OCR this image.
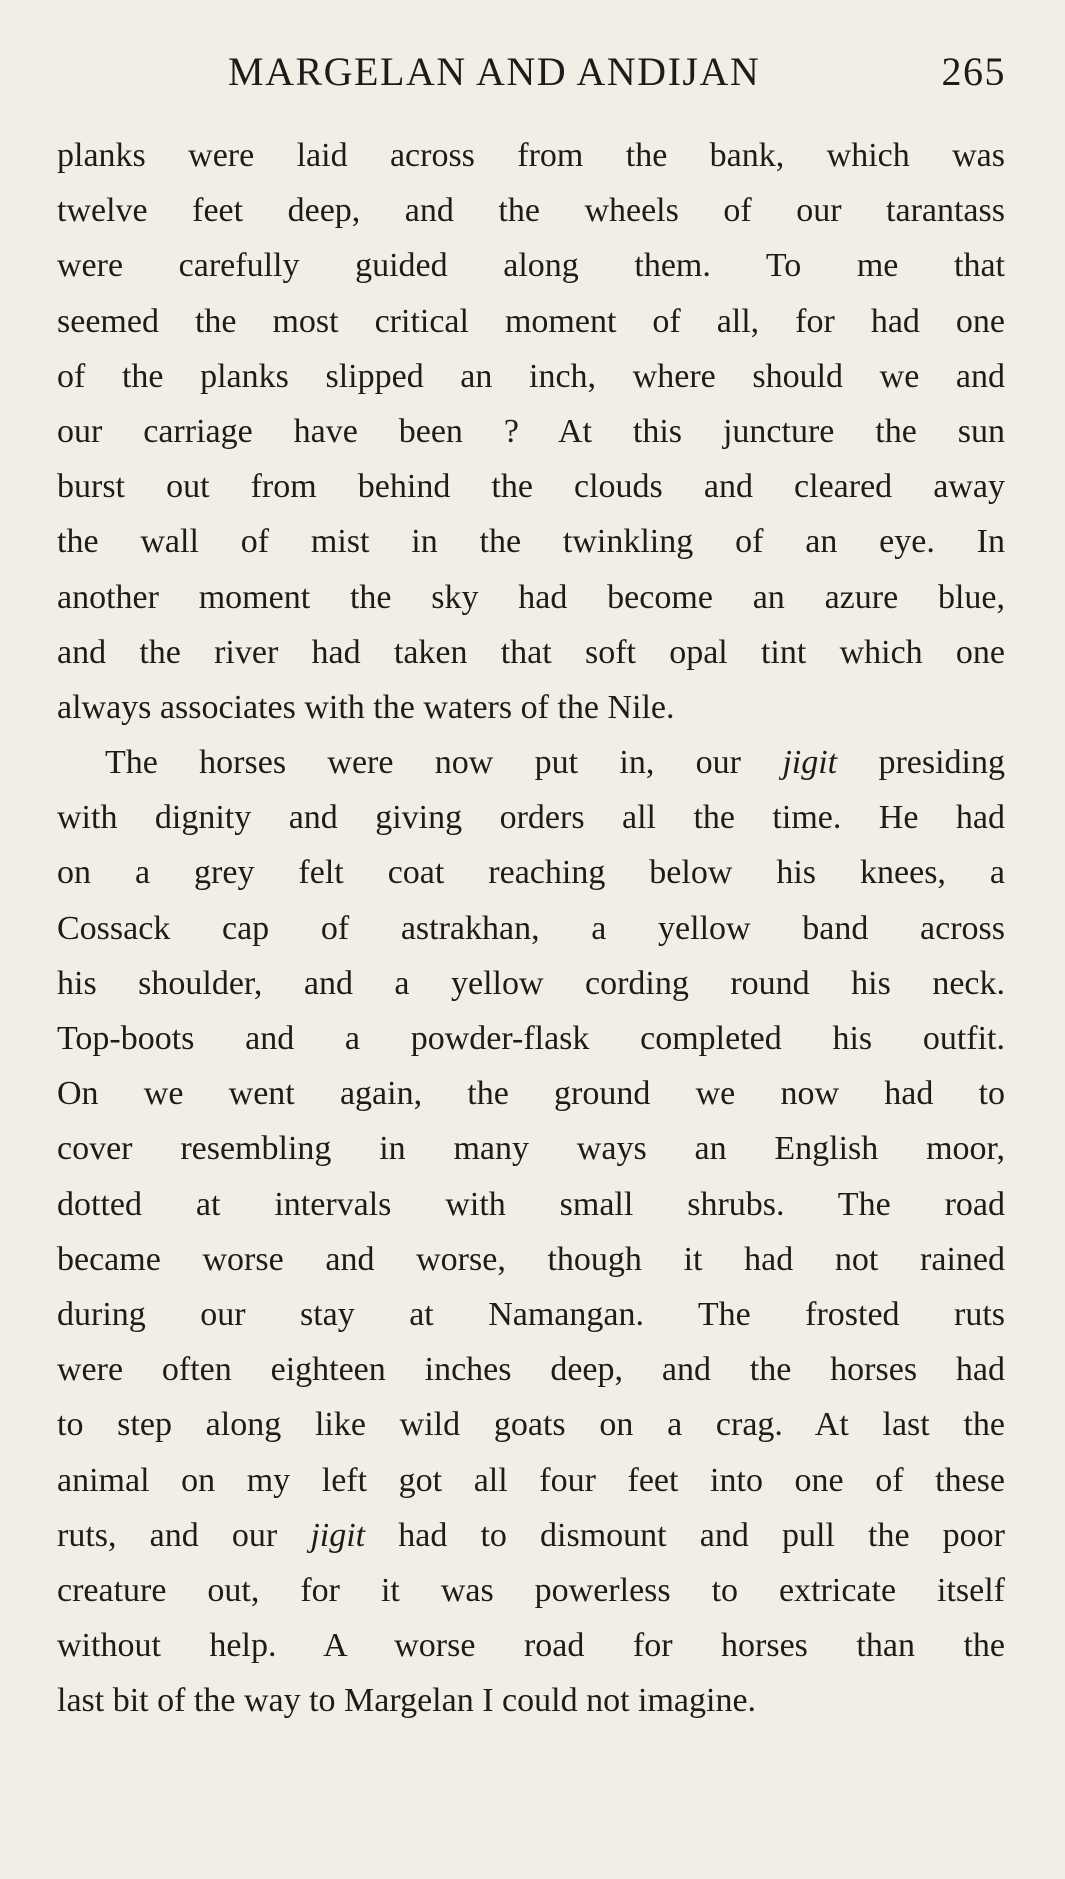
MARGELAN AND ANDIJAN	265
planks were laid across from the bank, which was
twelve feet deep, and the wheels of our tarantass
were carefully guided along them. To me that
seemed the most critical moment of all, for had one
of the planks slipped an inch, where should we and
our carriage have been ? At this juncture the sun
burst out from behind the clouds and cleared away
the wall of mist in the twinkling of an eye. In
another moment the sky had become an azure blue,
and the river had taken that soft opal tint which one
always associates with the waters of the Nile.
The horses were now put in, our jigit presiding
with dignity and giving orders all the time. He had
on a grey felt coat reaching below his knees, a
Cossack cap of astrakhan, a yellow band across
his shoulder, and a yellow cording round his neck.
Top-boots and a powder-flask completed his outfit.
On we went again, the ground we now had to
cover resembling in many ways an English moor,
dotted at intervals with small shrubs. The road
became worse and worse, though it had not rained
during our stay at Namangan. The frosted ruts
were often eighteen inches deep, and the horses had
to step along like wild goats on a crag. At last the
animal on my left got all four feet into one of these
ruts, and our jigit had to dismount and pull the poor
creature out, for it was powerless to extricate itself
without help. A worse road for horses than the
last bit of the way to Margelan I could not imagine.
